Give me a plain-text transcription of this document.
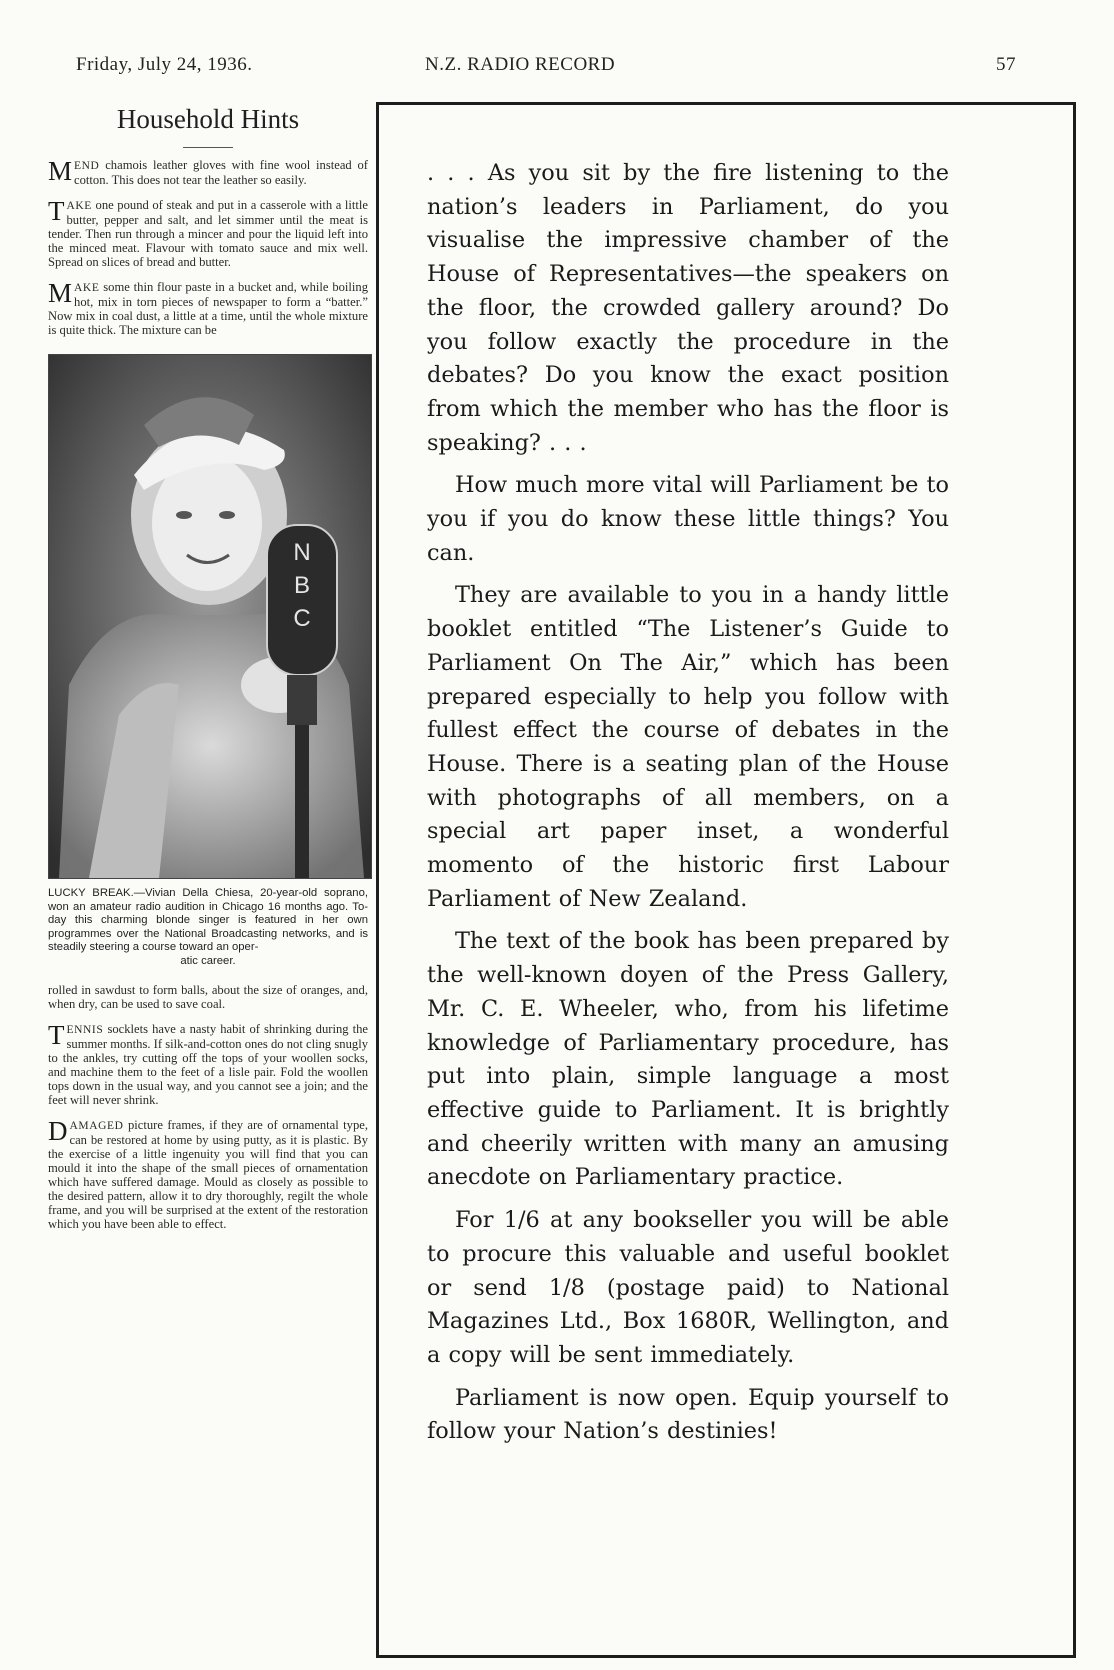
Friday, July 24, 1936.	N.Z. RADIO RECORD	57
Household Hints

MEND chamois leather gloves with fine wool instead of cotton. This does not tear the leather so easily.

TAKE one pound of steak and put in a casserole with a little butter, pepper and salt, and let simmer until the meat is tender. Then run through a mincer and pour the liquid left into the minced meat. Flavour with tomato sauce and mix well. Spread on slices of bread and butter.

MAKE some thin flour paste in a bucket and, while boiling hot, mix in torn pieces of newspaper to form a “batter.” Now mix in coal dust, a little at a time, until the whole mixture is quite thick. The mixture can be

N
B
C

LUCKY BREAK.—Vivian Della Chiesa, 20-year-old soprano, won an amateur radio audition in Chicago 16 months ago. To-day this charming blonde singer is featured in her own programmes over the National Broadcasting networks, and is steadily steering a course toward an oper-
atic career.

rolled in sawdust to form balls, about the size of oranges, and, when dry, can be used to save coal.

TENNIS socklets have a nasty habit of shrinking during the summer months. If silk-and-cotton ones do not cling snugly to the ankles, try cutting off the tops of your woollen socks, and machine them to the feet of a lisle pair. Fold the woollen tops down in the usual way, and you cannot see a join; and the feet will never shrink.

DAMAGED picture frames, if they are of ornamental type, can be restored at home by using putty, as it is plastic. By the exercise of a little ingenuity you will find that you can mould it into the shape of the small pieces of ornamentation which have suffered damage. Mould as closely as possible to the desired pattern, allow it to dry thoroughly, regilt the whole frame, and you will be surprised at the extent of the restoration which you have been able to effect.

. . . As you sit by the fire listening to the nation’s leaders in Parliament, do you visualise the impressive chamber of the House of Representatives—the speakers on the floor, the crowded gallery around? Do you follow exactly the procedure in the debates? Do you know the exact position from which the member who has the floor is speaking? . . .

How much more vital will Parliament be to you if you do know these little things? You can.

They are available to you in a handy little booklet entitled “The Listener’s Guide to Parliament On The Air,” which has been prepared especially to help you follow with fullest effect the course of debates in the House. There is a seating plan of the House with photographs of all members, on a special art paper inset, a wonderful momento of the historic first Labour Parliament of New Zealand.

The text of the book has been prepared by the well-known doyen of the Press Gallery, Mr. C. E. Wheeler, who, from his lifetime knowledge of Parliamentary procedure, has put into plain, simple language a most effective guide to Parliament. It is brightly and cheerily written with many an amusing anecdote on Parliamentary practice.

For 1/6 at any bookseller you will be able to procure this valuable and useful booklet or send 1/8 (postage paid) to National Magazines Ltd., Box 1680R, Wellington, and a copy will be sent immediately.

Parliament is now open. Equip yourself to follow your Nation’s destinies!
